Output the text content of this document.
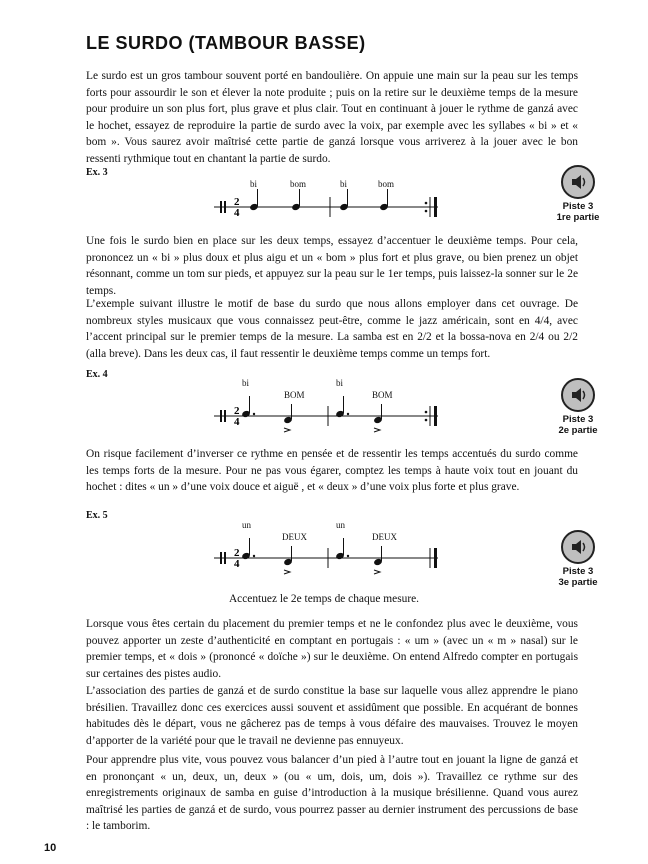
LE SURDO (TAMBOUR BASSE)

Le surdo est un gros tambour souvent porté en bandoulière. On appuie une main sur la peau sur les temps forts pour assourdir le son et élever la note produite ; puis on la retire sur le deuxième temps de la mesure pour produire un son plus fort, plus grave et plus clair. Tout en continuant à jouer le rythme de ganzá avec le hochet, essayez de reproduire la partie de surdo avec la voix, par exemple avec les syllabes « bi » et « bom ». Vous saurez avoir maîtrisé cette partie de ganzá lorsque vous arriverez à la jouer avec le bon ressenti rythmique tout en chantant la partie de surdo.

Ex. 3
bi	bom	bi	bom
2
4
Piste 3
1re partie

Une fois le surdo bien en place sur les deux temps, essayez d’accentuer le deuxième temps. Pour cela, prononcez un « bi » plus doux et plus aigu et un « bom » plus fort et plus grave, ou bien prenez un objet résonnant, comme un tom sur pieds, et appuyez sur la peau sur le 1er temps, puis laissez-la sonner sur le 2e temps.

L’exemple suivant illustre le motif de base du surdo que nous allons employer dans cet ouvrage. De nombreux styles musicaux que vous connaissez peut-être, comme le jazz américain, sont en 4/4, avec l’accent principal sur le premier temps de la mesure. La samba est en 2/2 et la bossa-nova en 2/4 ou 2/2 (alla breve). Dans les deux cas, il faut ressentir le deuxième temps comme un temps fort.

Ex. 4
bi
BOM
bi
BOM
2
4	Piste 3
2e partie

On risque facilement d’inverser ce rythme en pensée et de ressentir les temps accentués du surdo comme les temps forts de la mesure. Pour ne pas vous égarer, comptez les temps à haute voix tout en jouant du hochet : dites « un » d’une voix douce et aiguë , et « deux » d’une voix plus forte et plus grave.

Ex. 5
un
DEUX
un
DEUX
2
4
Piste 3
3e partie
Accentuez le 2e temps de chaque mesure.

Lorsque vous êtes certain du placement du premier temps et ne le confondez plus avec le deuxième, vous pouvez apporter un zeste d’authenticité en comptant en portugais : « um » (avec un « m » nasal) sur le premier temps, et « dois » (prononcé « doïche ») sur le deuxième. On entend Alfredo compter en portugais sur certaines des pistes audio.

L’association des parties de ganzá et de surdo constitue la base sur laquelle vous allez apprendre le piano brésilien. Travaillez donc ces exercices aussi souvent et assidûment que possible. En acquérant de bonnes habitudes dès le départ, vous ne gâcherez pas de temps à vous défaire des mauvaises. Trouvez le moyen d’apporter de la variété pour que le travail ne devienne pas ennuyeux.

Pour apprendre plus vite, vous pouvez vous balancer d’un pied à l’autre tout en jouant la ligne de ganzá et en prononçant « un, deux, un, deux » (ou « um, dois, um, dois »). Travaillez ce rythme sur des enregistrements originaux de samba en guise d’introduction à la musique brésilienne. Quand vous aurez maîtrisé les parties de ganzá et de surdo, vous pourrez passer au dernier instrument des percussions de base : le tamborim.

10
